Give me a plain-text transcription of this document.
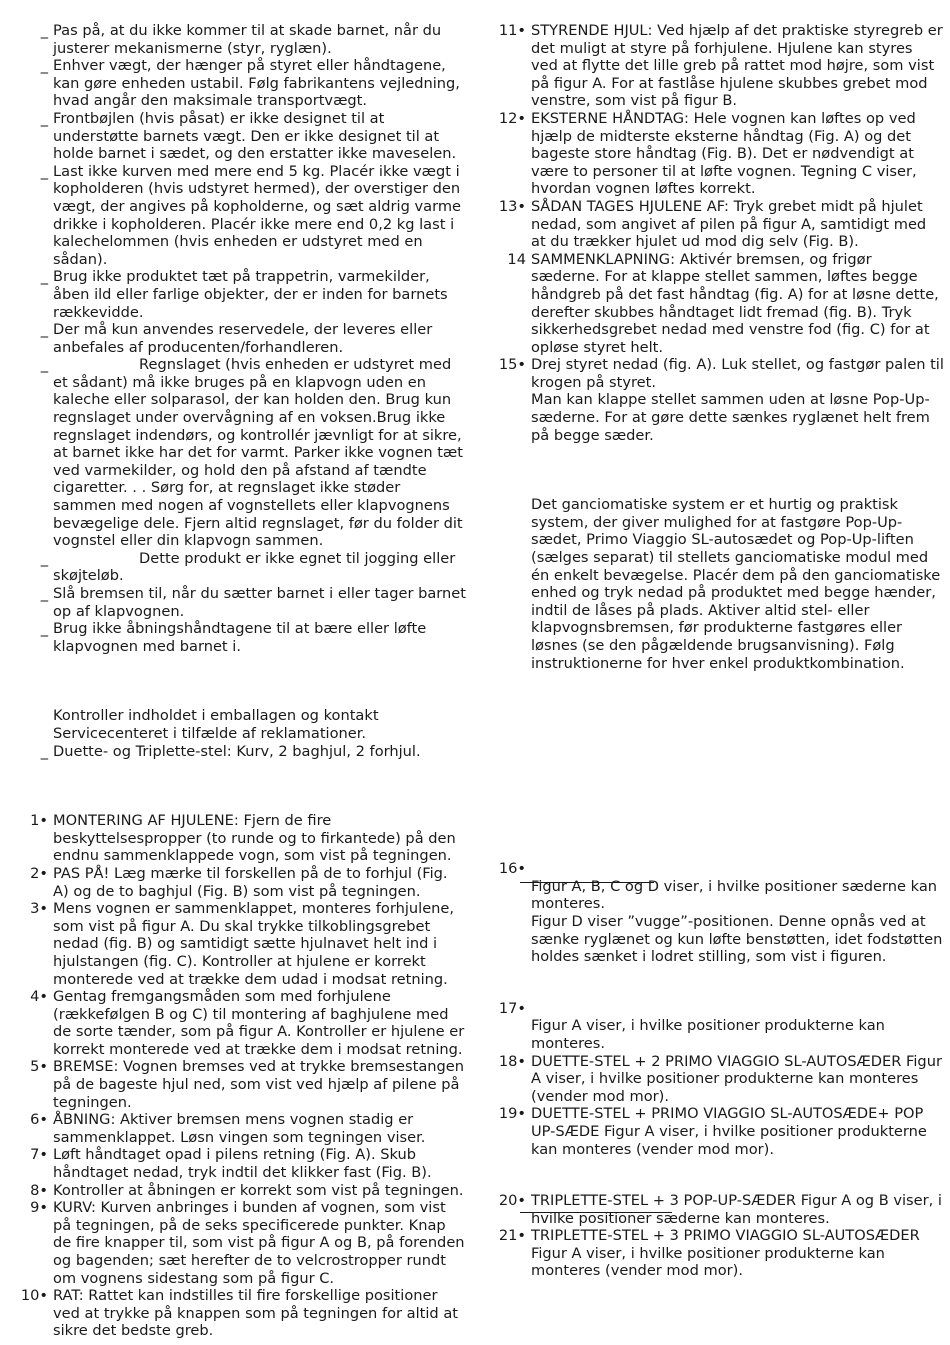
_ Pas på, at du ikke kommer til at skade barnet, når du justerer mekanismerne (styr, ryglæn).
_ Enhver vægt, der hænger på styret eller håndtagene, kan gøre enheden ustabil. Følg fabrikantens vejledning, hvad angår den maksimale transportvægt.
_ Frontbøjlen (hvis påsat) er ikke designet til at understøtte barnets vægt. Den er ikke designet til at holde barnet i sædet, og den erstatter ikke maveselen.
_ Last ikke kurven med mere end 5 kg. Placér ikke vægt i kopholderen (hvis udstyret hermed), der overstiger den vægt, der angives på kopholderne, og sæt aldrig varme drikke i kopholderen. Placér ikke mere end 0,2 kg last i kalechelommen (hvis enheden er udstyret med en sådan).
_ Brug ikke produktet tæt på trappetrin, varmekilder, åben ild eller farlige objekter, der er inden for barnets rækkevidde.
_ Der må kun anvendes reservedele, der leveres eller anbefales af producenten/forhandleren.
_	Regnslaget (hvis enheden er udstyret med et sådant) må ikke bruges på en klapvogn uden en kaleche eller solparasol, der kan holden den. Brug kun regnslaget under overvågning af en voksen.Brug ikke regnslaget indendørs, og kontrollér jævnligt for at sikre, at barnet ikke har det for varmt. Parker ikke vognen tæt ved varmekilder, og hold den på afstand af tændte cigaretter. . . Sørg for, at regnslaget ikke støder sammen med nogen af vognstellets eller klapvognens bevægelige dele. Fjern altid regnslaget, før du folder dit vognstel eller din klapvogn sammen.
_	Dette produkt er ikke egnet til jogging eller skøjteløb.
_ Slå bremsen til, når du sætter barnet i eller tager barnet op af klapvognen.
_ Brug ikke åbningshåndtagene til at bære eller løfte klapvognen med barnet i.
Kontroller indholdet i emballagen og kontakt Servicecenteret i tilfælde af reklamationer.
_ Duette- og Triplette-stel: Kurv, 2 baghjul, 2 forhjul.
1• MONTERING AF HJULENE: Fjern de fire beskyttelsespropper (to runde og to firkantede) på den endnu sammenklappede vogn, som vist på tegningen.
2• PAS PÅ! Læg mærke til forskellen på de to forhjul (Fig. A) og de to baghjul (Fig. B) som vist på tegningen.
3• Mens vognen er sammenklappet, monteres forhjulene, som vist på figur A. Du skal trykke tilkoblingsgrebet nedad (fig. B) og samtidigt sætte hjulnavet helt ind i hjulstangen (fig. C). Kontroller at hjulene er korrekt monterede ved at trække dem udad i modsat retning.
4• Gentag fremgangsmåden som med forhjulene (rækkefølgen B og C) til montering af baghjulene med de sorte tænder, som på figur A. Kontroller er hjulene er korrekt monterede ved at trække dem i modsat retning.
5• BREMSE: Vognen bremses ved at trykke bremsestangen på de bageste hjul ned, som vist ved hjælp af pilene på tegningen.
6• ÅBNING: Aktiver bremsen mens vognen stadig er sammenklappet. Løsn vingen som tegningen viser.
7• Løft håndtaget opad i pilens retning (Fig. A). Skub håndtaget nedad, tryk indtil det klikker fast (Fig. B).
8• Kontroller at åbningen er korrekt som vist på tegningen.
9• KURV: Kurven anbringes i bunden af vognen, som vist på tegningen, på de seks specificerede punkter. Knap de fire knapper til, som vist på figur A og B, på forenden og bagenden; sæt herefter de to velcrostropper rundt om vognens sidestang som på figur C.
10• RAT: Rattet kan indstilles til fire forskellige positioner ved at trykke på knappen som på tegningen for altid at sikre det bedste greb.
11• STYRENDE HJUL: Ved hjælp af det praktiske styregreb er det muligt at styre på forhjulene. Hjulene kan styres ved at flytte det lille greb på rattet mod højre, som vist på figur A. For at fastlåse hjulene skubbes grebet mod venstre, som vist på figur B.
12• EKSTERNE HÅNDTAG: Hele vognen kan løftes op ved hjælp de midterste eksterne håndtag (Fig. A) og det bageste store håndtag (Fig. B). Det er nødvendigt at være to personer til at løfte vognen. Tegning C viser, hvordan vognen løftes korrekt.
13• SÅDAN TAGES HJULENE AF: Tryk grebet midt på hjulet nedad, som angivet af pilen på figur A, samtidigt med at du trækker hjulet ud mod dig selv (Fig. B).
14 SAMMENKLAPNING: Aktivér bremsen, og frigør sæderne. For at klappe stellet sammen, løftes begge håndgreb på det fast håndtag (fig. A) for at løsne dette, derefter skubbes håndtaget lidt fremad (fig. B). Tryk sikkerhedsgrebet nedad med venstre fod (fig. C) for at opløse styret helt.
15• Drej styret nedad (fig. A). Luk stellet, og fastgør palen til krogen på styret.
Man kan klappe stellet sammen uden at løsne Pop-Up-sæderne. For at gøre dette sænkes ryglænet helt frem på begge sæder.
Det ganciomatiske system er et hurtig og praktisk system, der giver mulighed for at fastgøre Pop-Up-sædet, Primo Viaggio SL-autosædet og Pop-Up-liften (sælges separat) til stellets ganciomatiske modul med én enkelt bevægelse. Placér dem på den ganciomatiske enhed og tryk nedad på produktet med begge hænder, indtil de låses på plads. Aktiver altid stel- eller klapvognsbremsen, før produkterne fastgøres eller løsnes (se den pågældende brugsanvisning). Følg instruktionerne for hver enkel produktkombination.
16•
Figur A, B, C og D viser, i hvilke positioner sæderne kan monteres.
Figur D viser ”vugge”-positionen. Denne opnås ved at sænke ryglænet og kun løfte benstøtten, idet fodstøtten holdes sænket i lodret stilling, som vist i figuren.
17•
Figur A viser, i hvilke positioner produkterne kan monteres.
18• DUETTE-STEL + 2 PRIMO VIAGGIO SL-AUTOSÆDER Figur A viser, i hvilke positioner produkterne kan monteres (vender mod mor).
19• DUETTE-STEL + PRIMO VIAGGIO SL-AUTOSÆDE+ POP UP-SÆDE Figur A viser, i hvilke positioner produkterne kan monteres (vender mod mor).
20• TRIPLETTE-STEL + 3 POP-UP-SÆDER Figur A og B viser, i hvilke positioner sæderne kan monteres.
21• TRIPLETTE-STEL + 3 PRIMO VIAGGIO SL-AUTOSÆDER Figur A viser, i hvilke positioner produkterne kan monteres (vender mod mor).
